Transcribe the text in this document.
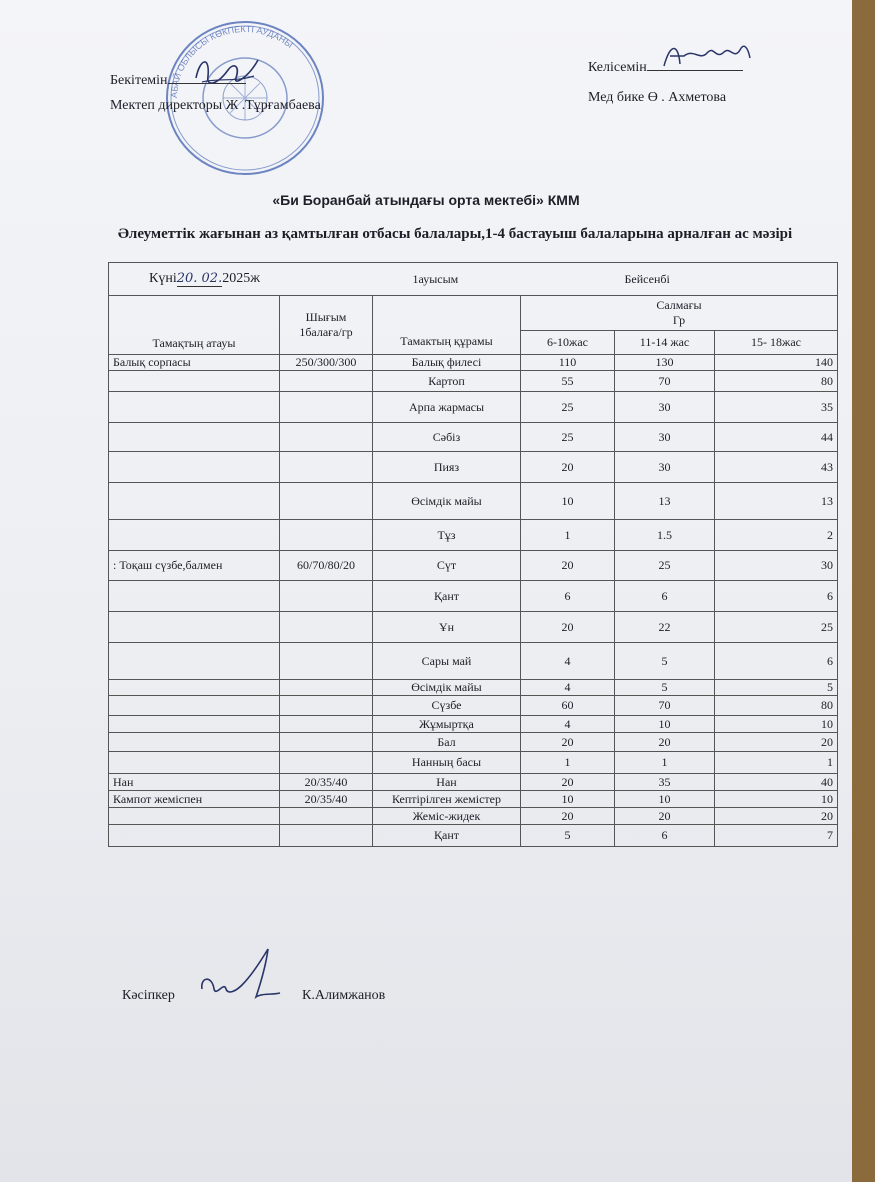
АБАЙ ОБЛЫСЫ КӨКПЕКТІ АУДАНЫ
Бекітемін
Мектеп директоры Ж .Тұрғамбаева
Келісемін
Мед бике Ө . Ахметова
«Би Боранбай атындағы орта мектебі» КММ
Әлеуметтік жағынан аз қамтылған отбасы балалары,1-4 бастауыш балаларына арналған ас мәзірі
Күні20. 02.2025ж		1ауысым		Бейсенбі	
Тамақтың атауы	Шығым 1балаға/гр	Тамактың құрамы	Салмағы
Гр		

			6-10жас	11-14 жас	15- 18жас
Балық сорпасы	250/300/300	Балық филесі	110	130	140
		Картоп	55	70	80
		Арпа жармасы	25	30	35
		Сәбіз	25	30	44
		Пияз	20	30	43
		Өсімдік майы	10	13	13
		Тұз	1	1.5	2
: Тоқаш сүзбе,балмен	60/70/80/20	Сүт	20	25	30
		Қант	6	6	6
		Ұн	20	22	25
		Сары май	4	5	6
		Өсімдік майы	4	5	5
		Сүзбе	60	70	80
		Жұмыртқа	4	10	10
		Бал	20	20	20
		Нанның басы	1	1	1
Нан	20/35/40	Нан	20	35	40
Кампот жемiспен	20/35/40	Кептірілген жемістер	10	10	10
		Жеміс-жидек	20	20	20
		Қант	5	6	7
Кәсіпкер	К.Алимжанов
